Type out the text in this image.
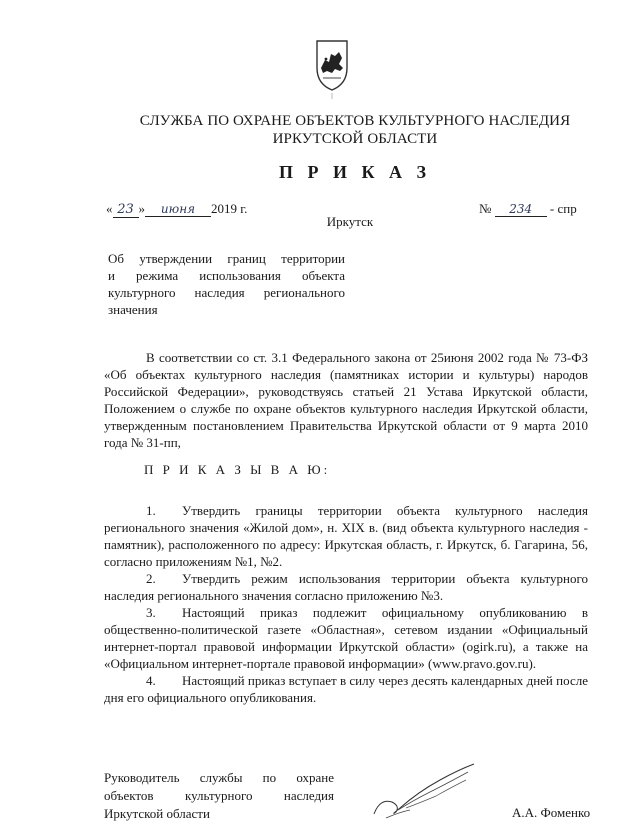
СЛУЖБА ПО ОХРАНЕ ОБЪЕКТОВ КУЛЬТУРНОГО НАСЛЕДИЯ
ИРКУТСКОЙ ОБЛАСТИ
П Р И К А З
« 23 » июня 2019 г.	№ 234 - спр
Иркутск
Об утверждении границ территории
и режима использования объекта
культурного наследия регионального
значения

В соответствии со ст. 3.1 Федерального закона от 25июня 2002 года № 73-ФЗ «Об объектах культурного наследия (памятниках истории и культуры) народов Российской Федерации», руководствуясь статьей 21 Устава Иркутской области, Положением о службе по охране объектов культурного наследия Иркутской области, утвержденным постановлением Правительства Иркутской области от 9 марта 2010 года № 31-пп,

П Р И К А З Ы В А Ю:

1. Утвердить границы территории объекта культурного наследия регионального значения «Жилой дом», н. XIX в. (вид объекта культурного наследия - памятник), расположенного по адресу: Иркутская область, г. Иркутск, б. Гагарина, 56, согласно приложениям №1, №2.

2. Утвердить режим использования территории объекта культурного наследия регионального значения согласно приложению №3.

3. Настоящий приказ подлежит официальному опубликованию в общественно-политической газете «Областная», сетевом издании «Официальный интернет-портал правовой информации Иркутской области» (ogirk.ru), а также на «Официальном интернет-портале правовой информации» (www.pravo.gov.ru).

4. Настоящий приказ вступает в силу через десять календарных дней после дня его официального опубликования.

Руководитель службы по охране объектов культурного наследия Иркутской области	А.А. Фоменко
